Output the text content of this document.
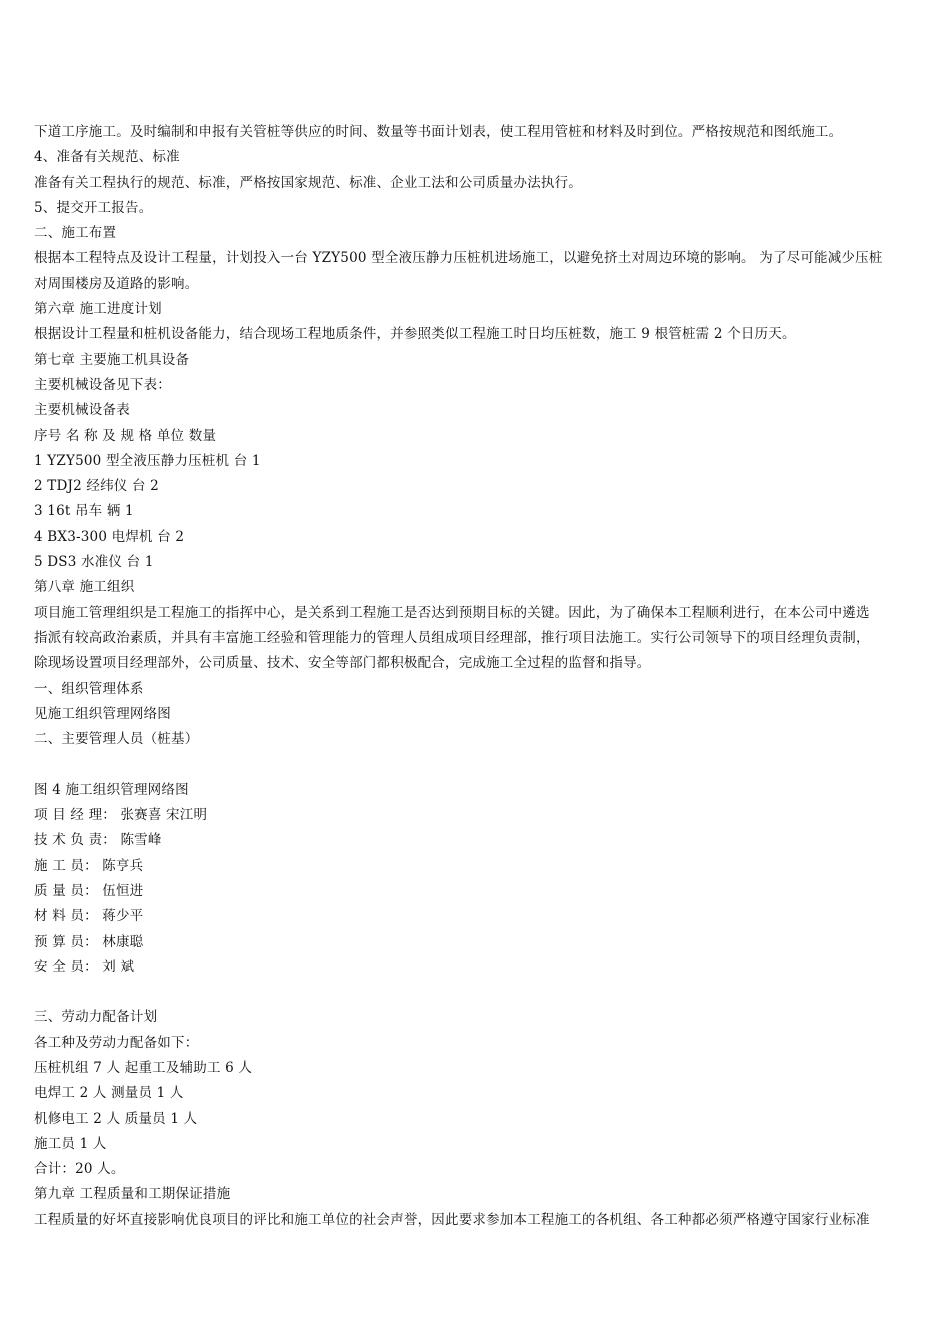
下道工序施工。及时编制和申报有关管桩等供应的时间、数量等书面计划表，使工程用管桩和材料及时到位。严格按规范和图纸施工。
4、准备有关规范、标准
准备有关工程执行的规范、标准，严格按国家规范、标准、企业工法和公司质量办法执行。
5、提交开工报告。
二、施工布置
根据本工程特点及设计工程量，计划投入一台 YZY500 型全液压静力压桩机进场施工，以避免挤土对周边环境的影响。 为了尽可能减少压桩
对周围楼房及道路的影响。
第六章 施工进度计划
根据设计工程量和桩机设备能力，结合现场工程地质条件，并参照类似工程施工时日均压桩数，施工 9 根管桩需 2 个日历天。
第七章 主要施工机具设备
主要机械设备见下表：
主要机械设备表
序号 名 称 及 规 格 单位 数量
1 YZY500 型全液压静力压桩机 台 1
2 TDJ2 经纬仪 台 2
3 16t 吊车 辆 1
4 BX3-300 电焊机 台 2
5 DS3 水准仪 台 1
第八章 施工组织
项目施工管理组织是工程施工的指挥中心，是关系到工程施工是否达到预期目标的关键。因此，为了确保本工程顺利进行，在本公司中遴选
指派有较高政治素质，并具有丰富施工经验和管理能力的管理人员组成项目经理部，推行项目法施工。实行公司领导下的项目经理负责制，
除现场设置项目经理部外，公司质量、技术、安全等部门都积极配合，完成施工全过程的监督和指导。
一、组织管理体系
见施工组织管理网络图
二、主要管理人员（桩基）
图 4 施工组织管理网络图
项 目 经 理： 张赛喜 宋江明
技 术 负 责： 陈雪峰
施 工 员： 陈亨兵
质 量 员： 伍恒进
材 料 员： 蒋少平
预 算 员： 林康聪
安 全 员： 刘 斌
三、劳动力配备计划
各工种及劳动力配备如下：
压桩机组 7 人 起重工及辅助工 6 人
电焊工 2 人 测量员 1 人
机修电工 2 人 质量员 1 人
施工员 1 人
合计：20 人。
第九章 工程质量和工期保证措施
工程质量的好坏直接影响优良项目的评比和施工单位的社会声誉，因此要求参加本工程施工的各机组、各工种都必须严格遵守国家行业标准
